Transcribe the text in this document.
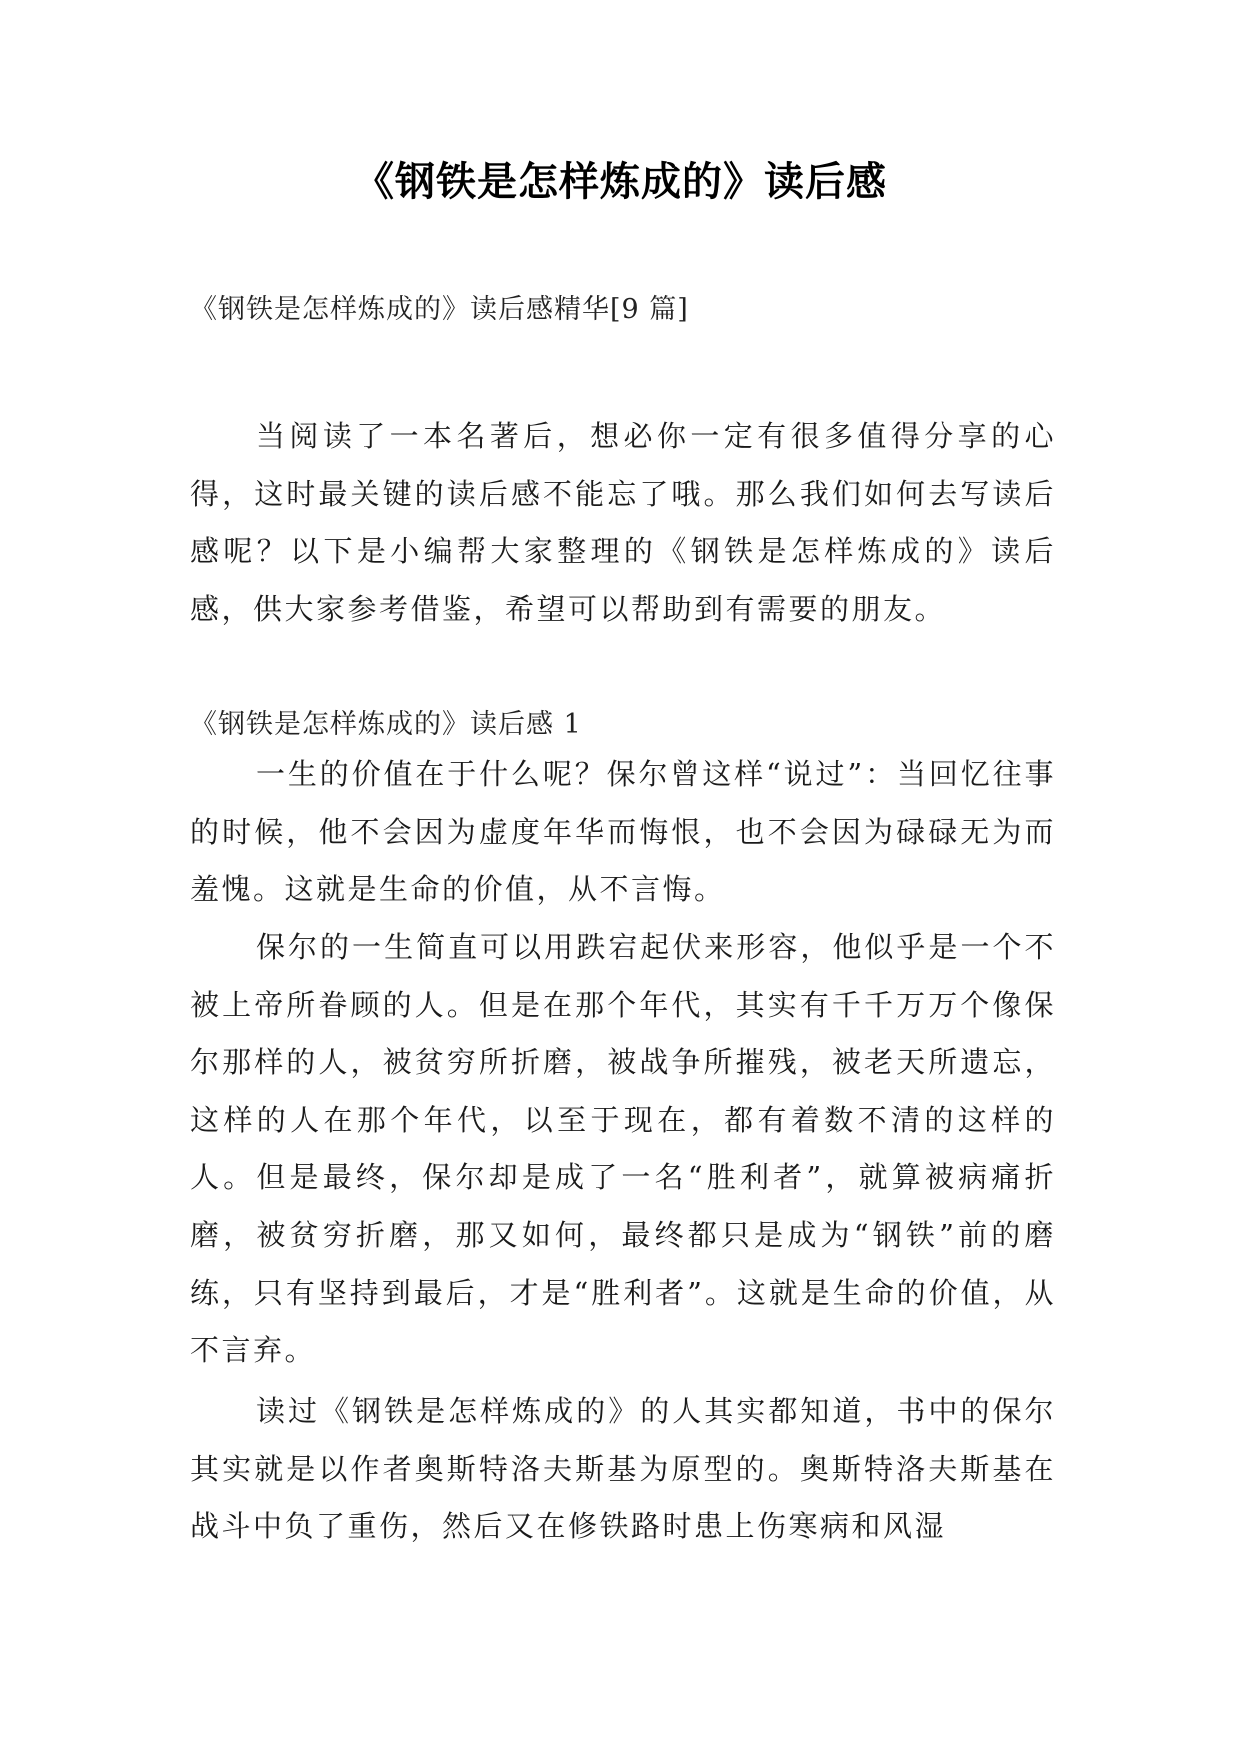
《钢铁是怎样炼成的》读后感
《钢铁是怎样炼成的》读后感精华[9 篇]
当阅读了一本名著后，想必你一定有很多值得分享的心得，这时最关键的读后感不能忘了哦。那么我们如何去写读后感呢？以下是小编帮大家整理的《钢铁是怎样炼成的》读后感，供大家参考借鉴，希望可以帮助到有需要的朋友。
《钢铁是怎样炼成的》读后感 1
一生的价值在于什么呢？保尔曾这样“说过”：当回忆往事的时候，他不会因为虚度年华而悔恨，也不会因为碌碌无为而羞愧。这就是生命的价值，从不言悔。
保尔的一生简直可以用跌宕起伏来形容，他似乎是一个不被上帝所眷顾的人。但是在那个年代，其实有千千万万个像保尔那样的人，被贫穷所折磨，被战争所摧残，被老天所遗忘，这样的人在那个年代，以至于现在，都有着数不清的这样的人。但是最终，保尔却是成了一名“胜利者”，就算被病痛折磨，被贫穷折磨，那又如何，最终都只是成为“钢铁”前的磨练，只有坚持到最后，才是“胜利者”。这就是生命的价值，从不言弃。
读过《钢铁是怎样炼成的》的人其实都知道，书中的保尔其实就是以作者奥斯特洛夫斯基为原型的。奥斯特洛夫斯基在战斗中负了重伤，然后又在修铁路时患上伤寒病和风湿
